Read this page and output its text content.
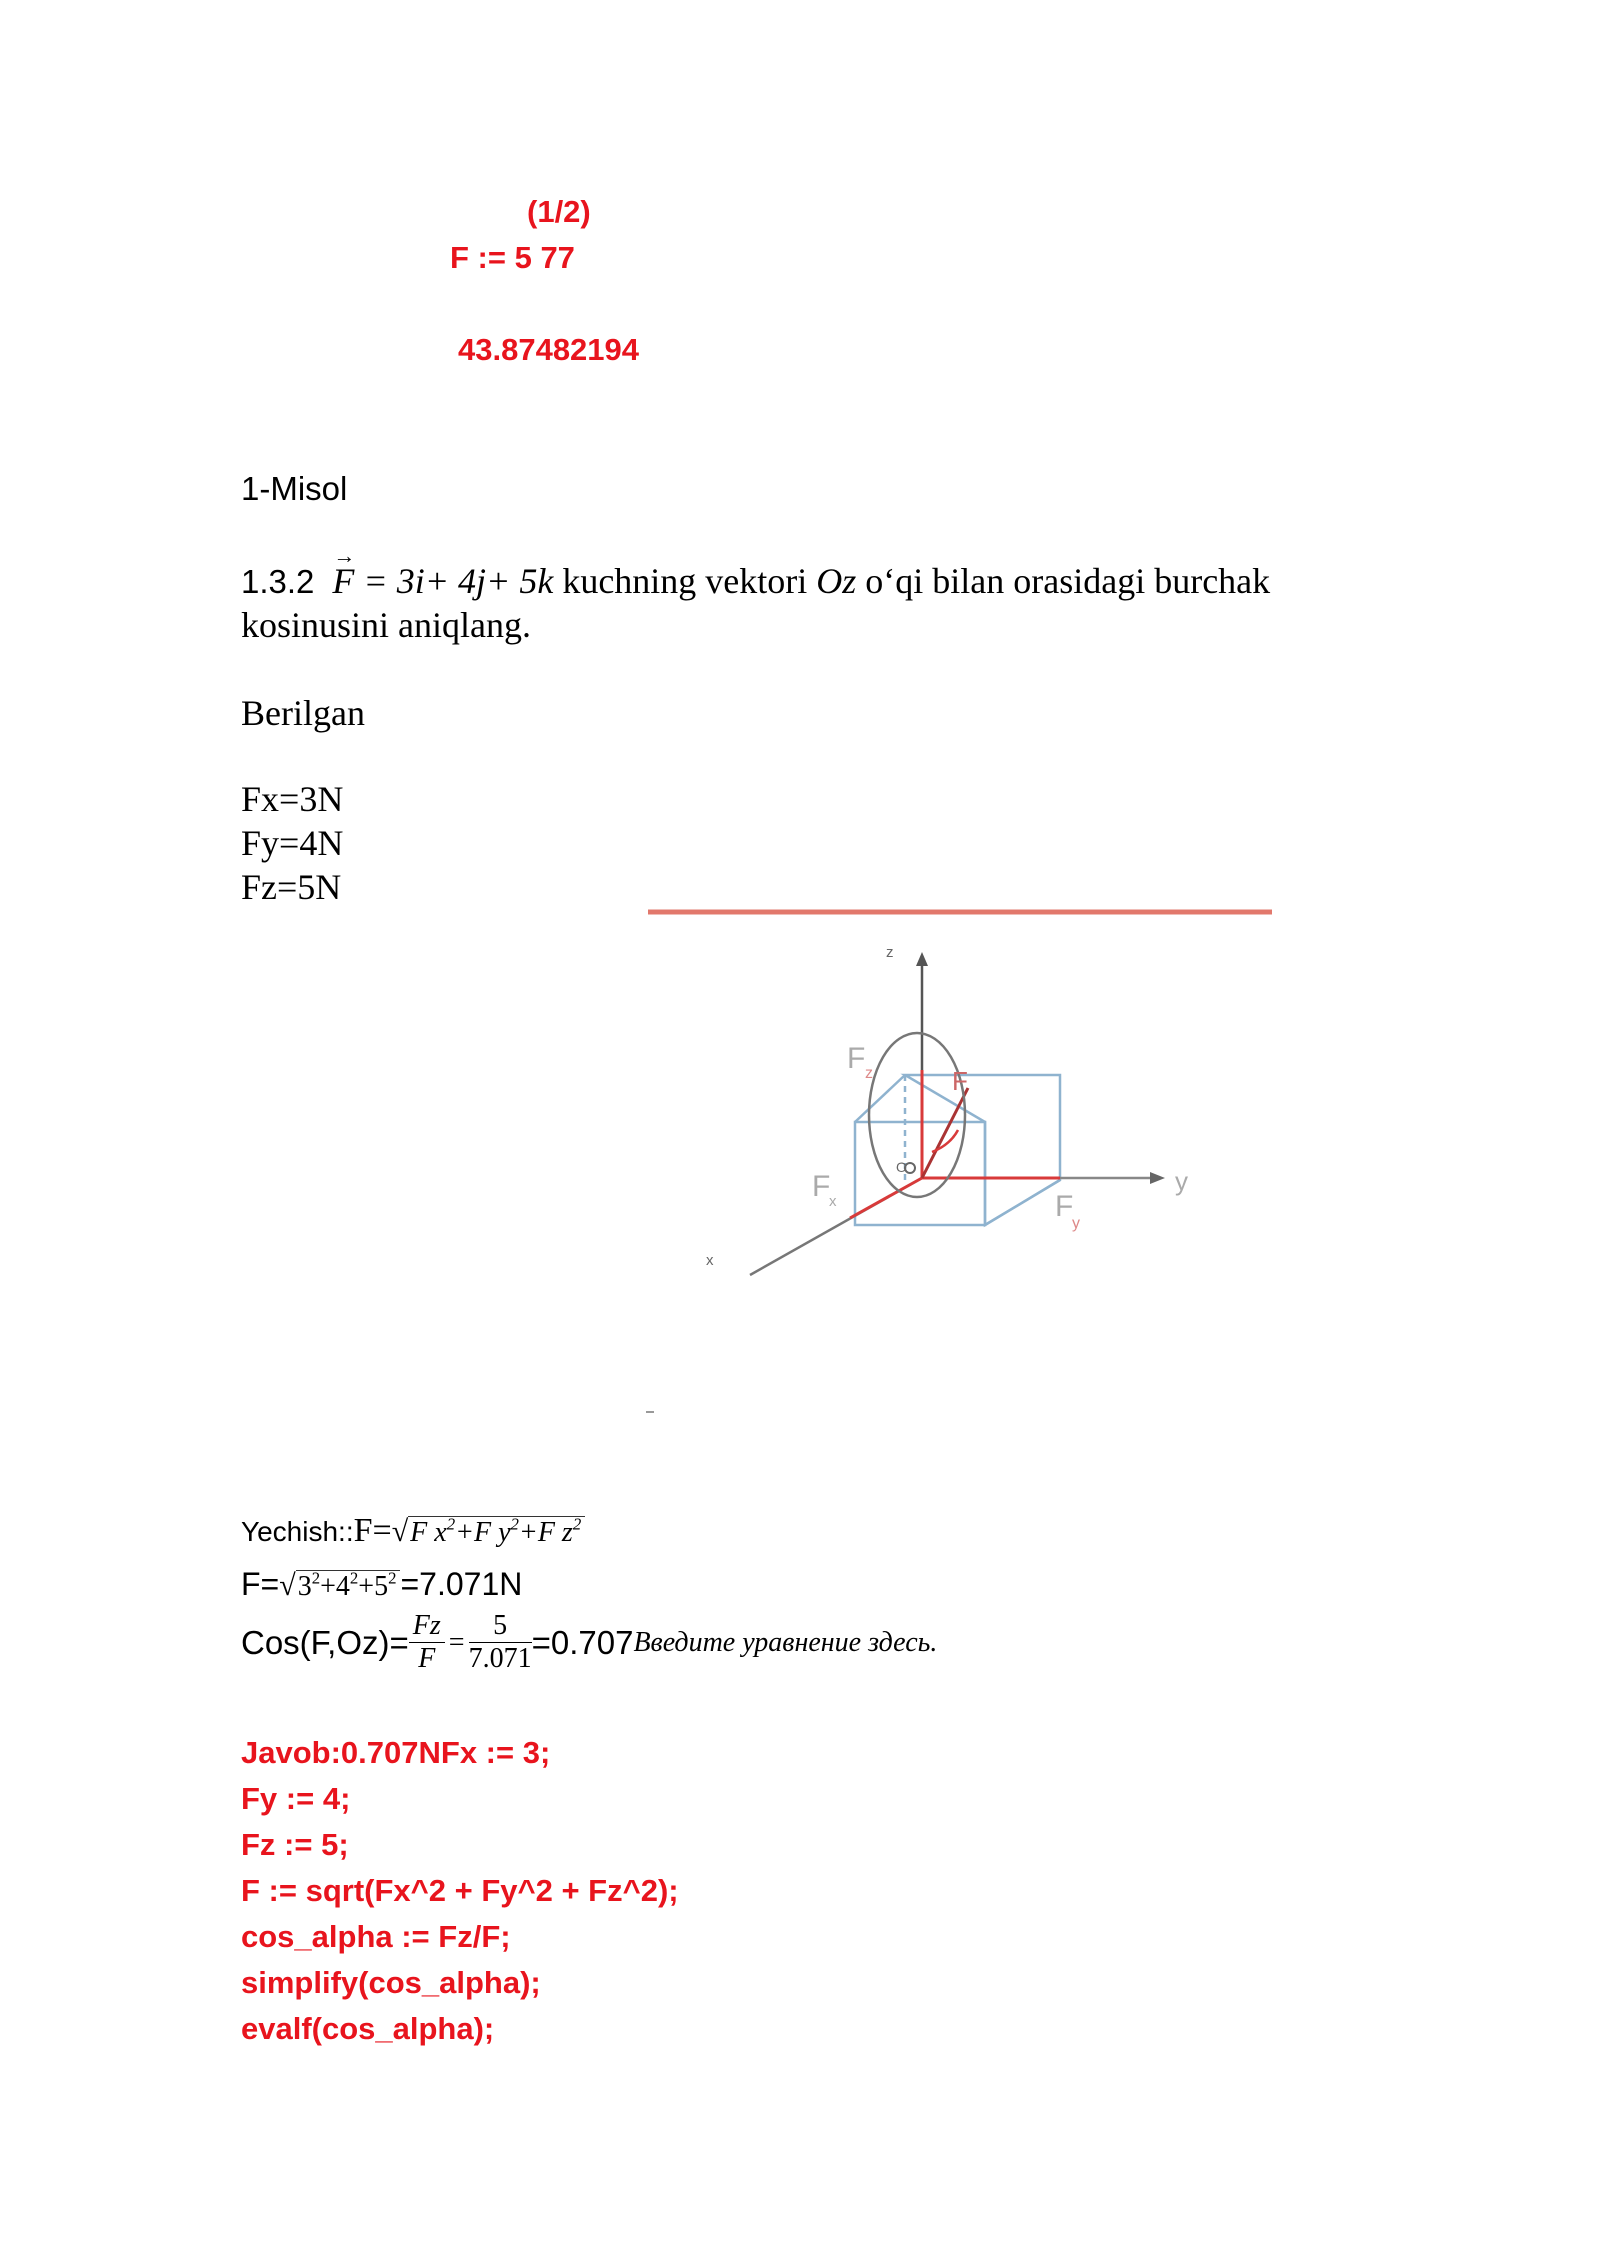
(1/2)
F := 5 77
43.87482194
1-Misol
1.3.2 F
→
= 3i+ 4j+ 5k kuchning vektori Oz o‘qi bilan orasidagi burchak
kosinusini aniqlang.
Berilgan
Fx=3N
Fy=4N
Fz=5N
z
y
x
F z	F
F
x	F
y
O
Yechish::F=√F $x^2+F$ $y^2+F$ $z^2$
$F=√3^2+4^2+5^2 =7.071N$
$Cos(F,Oz)= \frac{Fz}{F} = \frac{5}{7.071} =0.707$ Введите уравнение здесь.
Javob:0.707NFx := 3;
Fy := 4;
Fz := 5;
F := sqrt(Fx^2 + Fy^2 + Fz^2);
cos_alpha := Fz/F;
simplify(cos_alpha);
evalf(cos_alpha);
